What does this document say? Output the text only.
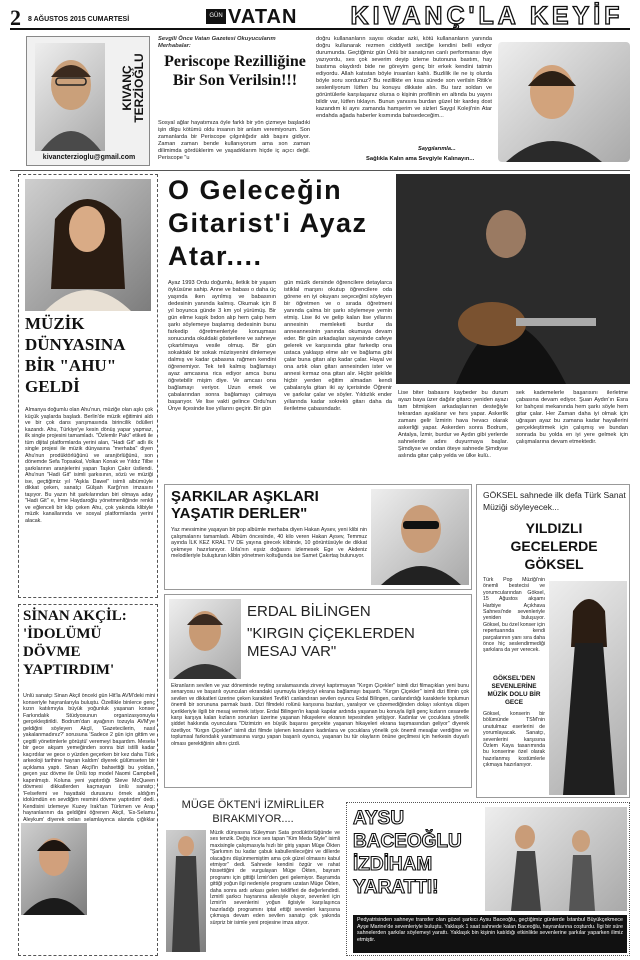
2 8 AĞUSTOS 2015 CUMARTESİ	GÜN VATAN	KIVANÇ'LA KEYİF
KIVANÇ
TERZİOĞLU
kivancterzioglu@gmail.com
Sevgili Önce Vatan Gazetesi Okuyucularım Merhabalar:
Periscope Rezilliğine Bir Son Verilsin!!!
Sosyal ağlar hayatımıza öyle farklı bir yön çizmeye başladıki işin dilgu kötümü oldu insanın bir anlam veremiyorum. Son zamanlarda bir Periscope çılgınlığıdır aldı başını gidiyor. Zaman zaman bende kullanıyorum ama son zaman dilimimda gördüklerim ve yaşadıklarım hiçde iç açıcı değil. Periscope "u
doğru kullananların sayısı okadar azki, kötü kullananların yanında doğru kullanarak rezmen ciddiyetli sectiğe kendini belli ediyor durumunda. Geçtiğimiz gün Ünlü bir sanatçının canlı performansı diye yazıyordu, ses çok severim deyip izleme butonuna bastım, hay bastıma olaydırdı bide ne göreyim genç bir erkek kendini tatmin ediyordu. Allah katıstan böyle insanları kahlı. Buzlilik ile ne iş olurda böyle soru sordunuz? Bu rezillikte en kısa sürede son verilsin Ritik'e seslenliyorum lütfen bu konuyu dikkate alın. Bu tarz soldan ve görüntülerle karşılaşanız olursa o kişinin profilinin en altında bu yayını bildir var, lütfen tıklayın. Bunun yanısıra burdan güzel bir kardeş dost kazandım ki aynı zamanda hamşerim ve sizleri Saygıl Koleji'nin Atar endahda ağada haberler kısmında bahsedeceğim...
Saygılarımla...
Sağlıkla Kalın ama Sevgiyle Kalınayın...
MÜZİK DÜNYASINA BİR "AHU" GELDİ
Aİmanya doğumlu olan Ahu'nun, müziğe olan aşkı çok küçük yaşlarda başladı. Berlin'de müzik eğitimini aldı ve bir çok dans yarışmasında birincilik ödülleri kazandı. Ahu, Türkiye'ye kesin dönüş yapar yapmaz, ilk single projesini tamamladı. "Özlemlir Paki" etiketi ile tüm dijital platformlarda yerini alan, "Hadi Git" adlı ilk single projesi ile müzik dünyasına "merhaba" diyen Ahu'nun prodüktörlüğünü ve aranjörlüğünü, son dönemde Sefa Topsakal, Volkan Konak ve Yıldız Tilbe şarkılarının aranjelerini yapan Taşkın Çakır üstlendi. Ahu'nun "Hadi Git" isimli şarkısının, sözü ve müziği ise, geçtiğimiz yıl "Aşkla Dawel" isimli albümüyle dikkat çeken, sanatçı Gülşah Karğı'nın imzasını taşıyor. Bu yazın hit şarkılarından biri olmaya aday "Hadi Git" e, İrme Haydaroğlu yönetmenliğinde renkli ve eğlenceli bir klip çeken Ahu, çok yakında klibiyle müzik kanallarında ve sosyal platformlarda yerini alacak.
O Geleceğin Gitarist'i Ayaz Atar....
Ayaz 1993 Ordu doğumlu, iletkik bir yaşam öyküsüne sahip. Anne ve babası o daha üç yaşında iken ayrılmış ve babasının dedesinin yanında kalmış. Okumak için 8 yıl boyunca günde 3 km yol yürümüş. Bir gün elime kaşık bıdon alıp hem çalıp hem şarkı söylemeye başlamış dedesinin bunu farkedip öğretmenleriyle konuşması sonucunda okuldaki gösterilere ve sahneye çıkartılmaya vesile olmuş. Bir gün sokaktaki bir sokak müzisyenini dinlemeye dalmış ve kadar çabasına rağmen kendini öğrenemiyor. Tek teli kalmış bağlamayı ayaz amcasına rica ediyor amca bunu öğretebilir mişim diye. Ve amcası ona bağlamayı veriyor. Uzun emek ve çabalarından sonra bağlamayı çalmaya başarıyor. Ve lise vakti gelince Ordu'nun Ünye ilçesinde lise yıllarını geçirir. Bir gün
gün müzik dersinde öğrencilere detaylarca istiklal marşını okutup öğrencilere oda görene en iyi okuyanı seçeceğini söyleyen bir öğretmen ve o sırada öğretmeni yanında çalma bir şarkı söylemeye yemin etmiş. Lise iki ve gelip kalan lise yıllarını annesinin memleketi burdur da anneannesinin yanında okumaya devam eder. Bir gün arkadaşları sayesinde cafeye gelerek ve karşısında gitar farkedip ona ustaca yaklaşıp elme alır ve bağlama gibi çalar buna gitarı alıp kadar çalar. Hayal ve ona artık olan gitarı annesinden ister ve annesi kırmaz ona gitarı alır. Hiçbir şekilde hiçbir yerden eğitim almadan kendi çabalarıyla gitarı iki ay içerisinde Öğrenir ve şarkılar çalar ve söyler. Yıldızlık ender yıllarında kadar sokreklı gitarı daha da ileriletme çabasındadır.
Lise biter babasını kaybeder bu durum ayazı baya üzer dağılır gitarcı yeniden ayazı tam bitmişken arkadaşlarının desteğiyle tekrardan ayaklanır ve hırs yapar. Askerlik zamanı gelir İzmirin hava hevacı olarak askerliği yapar. Askerden sonra Bodrum, Antalya, İzmir, burdur ve Aydın gibi yerlerde sahnelerde adını duyurmaya başlar. Şimdiyse ve ondan öteye sahnede Şimdiyse aslında gitar çalıp yelda ve ülke kulü..
sek kademelerle başarısını ilerletme çabasına devam ediyor. Şuan Aydın'ın Esra kır bahçesi mekanında hem şarkı söyle hem gitar çalar. Her Zaman daha iyi olmak için uğraşan ayaz bu zamana kadar hayallerini gerçekleştirmek için çalışmış ve bundan sonrada bu yolda en iyi yere gelmek için çalışmalarına devam etmektedir.
ŞARKILAR AŞKLARI YAŞATIR DERLER"
Yaz mevsimine yaşayan bir pop albümle merhaba diyen Hakan Aysev, yeni klibi nin çalışmalarını tamamladı. Albüm öncesinde, 40 kilo veren Hakan Aysev, Temmuz ayında İLK KEZ KRAL TV DE yayına girecek klibinde, 10 görüntüsüyle de dikkat çekmeye hazırlanıyor. Urla'nın eşsiz doğasını izlemesek Ege ve Akdeniz melodileriyle buluşturan klibin yönetmen koltuğunda ise Samet Çakırtaş bulunuyor.
GÖKSEL sahnede ilk defa Türk Sanat Müziği söyleyecek...
YILDIZLI GECELERDE GÖKSEL
Türk Pop Müziği'nin önemli bestecisi ve yorumcularından Göksel, 15 Ağustos akşamı Harbiye Açıkhava Sahnesi'nde sevenleriyle yeniden buluşuyor. Göksel, bu özel konser için repertuarında kendi parçalarının yanı sıra daha önce hiç seslendirmediği şarkılara da yer verecek.
GÖKSEL'DEN SEVENLERİNE MÜZİK DOLU BİR GECE
Göksel, konserin bir bölümünde TSM'nin unutulmaz eserlerini de yorumlayacak. Sanatçı, sevenlerini karşısına Özlem Kaya tasarımında bu konserine özel olarak hazırlanmış kostümlerle çıkmaya hazırlanıyor.
SİNAN AKÇİL: 'İDOLÜMÜ DÖVME YAPTIRDIM'
Ünlü sanatçı Sinan Akçil önceki gün Hit'la AVM'deki mini konseriyle hayranlarıyla buluştu. Özellikle binlerce genç kızın katılımıyla büyük yoğunluk yaşanan konser Farkındalık Stüdyosunun organizasyonuyla gerçekleştirildi. Bodrum'dan ayağının tozuyla AVM'ye geldiğini söyleyen Akçil, 'Gazetecilerin, nasıl yakalanmadınız?' sorusuna 'Sadece 2 gün için gittim ve çegitli yönetimlerle görüştü' veremeyi başardım. Mesela bir gece akşam yemeğinden sonra bizi istilli kadar kaçırdılar ve gece o yüzden geçerken bir kez daha Türk arkeoloji tarihine hayran kaldım' diyerek gülümseten bir açıklama yaptı. Sinan Akçil'in bahsettiği bu yoldan, geçen yaz dövme ile Ünlü top model Naomi Campbell kapınlmıştı. Koluna yeni yaptırdığı Steve McQueen dövmesi dikkatlerden kaçmayan ünlü sanatçı; 'Felsefemi ve hayattaki durusunu örnek aldığım idolümdün en sevdiğim resmini dövme yaptırdım' dedi. Kendisini izlemeye Kuzey Irak'tan Türkmen ve Arap hayranlarının da geldiğini öğrenen Akçil, 'Es-Selamu Aleykum' diyerek onları selamlayınca alanda çığlıklar
ERDAL BİLİNGEN
"KIRGIN ÇİÇEKLERDEN MESAJ VAR"
Ekranların sevilen ve yaz döneminde reyting sıralamasında zirveyi kaptırmayan "Kırgın Çiçekler" isimli dizi filmaçıkları yeni bunu senaryosu ve başarılı oyuncuları ekrandaki uyumuyla izleyiciyi ekrana bağlamayı başardı. "Kırgın Çiçekler" isimli dizi filmin çok sevilen ve dikkatleri üzerine çeken karakteri Tevfik'i canlandıran sevilen oyuncu Erdal Bilingen, canlandırdığı karakterle toplumun önemli bir sorununa parmak bastı. Dizi filmdeki rolünü karşısına bazıları, yaralıyor ve çözemediğinden dolayı sıkıntıya düşen içerikleriyle ilgili bir mesaj vermek istiyor. Erdal Bilingen'in kapalı kapılar ardında yaşanan bu konuyla ilgili genç kızların cesaretle karşı karşıya kalan kızların sorunları üzerine yaşanan hikayelere ekranın tepesinden yetişiyor. Kadınlar ve çocuklara yönelik şiddet hakkında oyunculara "Dizimizin en büyük başarısı gerçekte yaşanan hikayeleri ekrana taşımasından geliyor" diyerek özetliyor. "Kırgın Çiçekler" isimli dizi filmde işlenen konuların kadınlara ve çocuklara yönelik çok önemli mesajlar verdiğine ve toplumsal farkındalık yaratmasına vurgu yapan başarılı oyuncu, yaşanan bu tür olayların önüne geçilmesi için herkesin duyarlı olması gerektiğinin altını çizdi.
MÜGE ÖKTEN'İ İZMİRLİLER BIRAKMIYOR....
Müzik dünyasına Süleyman Sata prodüktörlüğünde ve ses tenzik. Değiş ince ses tapan "Kim Meda Style" isimli maxisingle çalışmasıyla hızlı bir giriş yapan Müge Ökten "Şarkımın bu kadar çabuk kabullenileceğini ve dillerde olacağını düşünmemiştim ama çok güzel olmasını kabul etmiyor" dedi. Sahnede kendini özgür ve rahat hissettiğini de vurgulayan Müge Ökten, bayram programı için gittiği İzmir'den geri gelemiyor. Bayramda gittiği yoğun ilgi nedeniyle programı uzatan Müge Ökten, daha sonra ardı arkası gelen teklifleri de değerlendirdi. İzmirli şarkıcı hayranına ailesiyle oluyor, sevenleri için İzmir'in sevenlerini yoğun ilgisiyle karşılaşınca hazırladığı programını iptal ettiği sevenleri karşısına çıkmaya devam eden sevilen sanatçı çok yakında sürpriz bir isimle yeni projesine imza atıyor.
AYSU BACEOĞLU İZDİHAM YARATTI!
Pedyatrisinden sahneye transfer olan güzel şarkıcı Aysu Baceoğlu, geçtiğimiz günlerde İstanbul Büyükçekmece Ayşe Marine'de sevenleriyle buluştu. Yaklaşık 1 saat sahnede kalan Baceoğlu, hayranlarına coşturdu. İlgi bir süre sahnelerden şarkılar söylemeyi yarattı. Yaklaşık bin kişinin katıldığı etkinlikte sevenlerine şarkılar yaparken ilimiz etmiştir.
